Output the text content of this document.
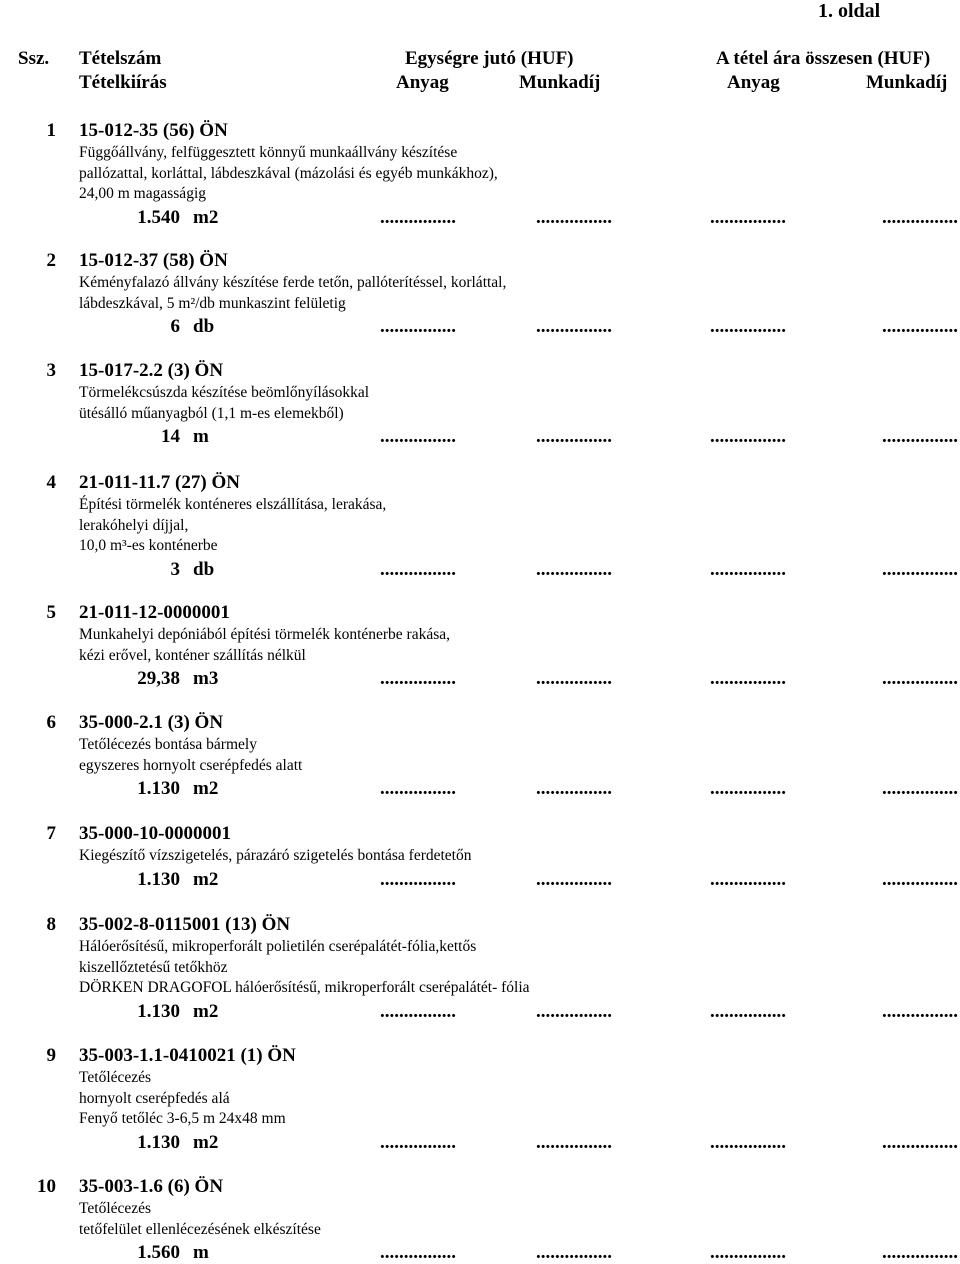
1. oldal
Ssz. Tételszám
Tételkiírás
Egységre jutó (HUF)	A tétel ára összesen (HUF)
Anyag	Munkadíj	Anyag	Munkadíj
1 15-012-35 (56) ÖN
Függőállvány, felfüggesztett könnyű munkaállvány készítése
pallózattal, korláttal, lábdeszkával (mázolási és egyéb munkákhoz),
24,00 m magasságig
1.540 m2	................	................	................	................
2 15-012-37 (58) ÖN
Kéményfalazó állvány készítése ferde tetőn, pallóterítéssel, korláttal,
lábdeszkával, 5 m²/db munkaszint felületig
6 db	................	................	................	................
3 15-017-2.2 (3) ÖN
Törmelékcsúszda készítése beömlőnyílásokkal
ütésálló műanyagból (1,1 m-es elemekből)
14 m	................	................	................	................
4 21-011-11.7 (27) ÖN
Építési törmelék konténeres elszállítása, lerakása,
lerakóhelyi díjjal,
10,0 m³-es konténerbe
3 db	................	................	................	................
5 21-011-12-0000001
Munkahelyi depóniából építési törmelék konténerbe rakása,
kézi erővel, konténer szállítás nélkül
29,38 m3	................	................	................	................
6 35-000-2.1 (3) ÖN
Tetőlécezés bontása bármely
egyszeres hornyolt cserépfedés alatt
1.130 m2	................	................	................	................
7 35-000-10-0000001
Kiegészítő vízszigetelés, párazáró szigetelés bontása ferdetetőn
1.130 m2	................	................	................	................
8 35-002-8-0115001 (13) ÖN
Hálóerősítésű, mikroperforált polietilén cserépalátét-fólia,kettős
kiszellőztetésű tetőkhöz
DÖRKEN DRAGOFOL hálóerősítésű, mikroperforált cserépalátét- fólia
1.130 m2	................	................	................	................
9 35-003-1.1-0410021 (1) ÖN
Tetőlécezés
hornyolt cserépfedés alá
Fenyő tetőléc 3-6,5 m 24x48 mm
1.130 m2	................	................	................	................
10 35-003-1.6 (6) ÖN
Tetőlécezés
tetőfelület ellenlécezésének elkészítése
1.560 m	................	................	................	................
